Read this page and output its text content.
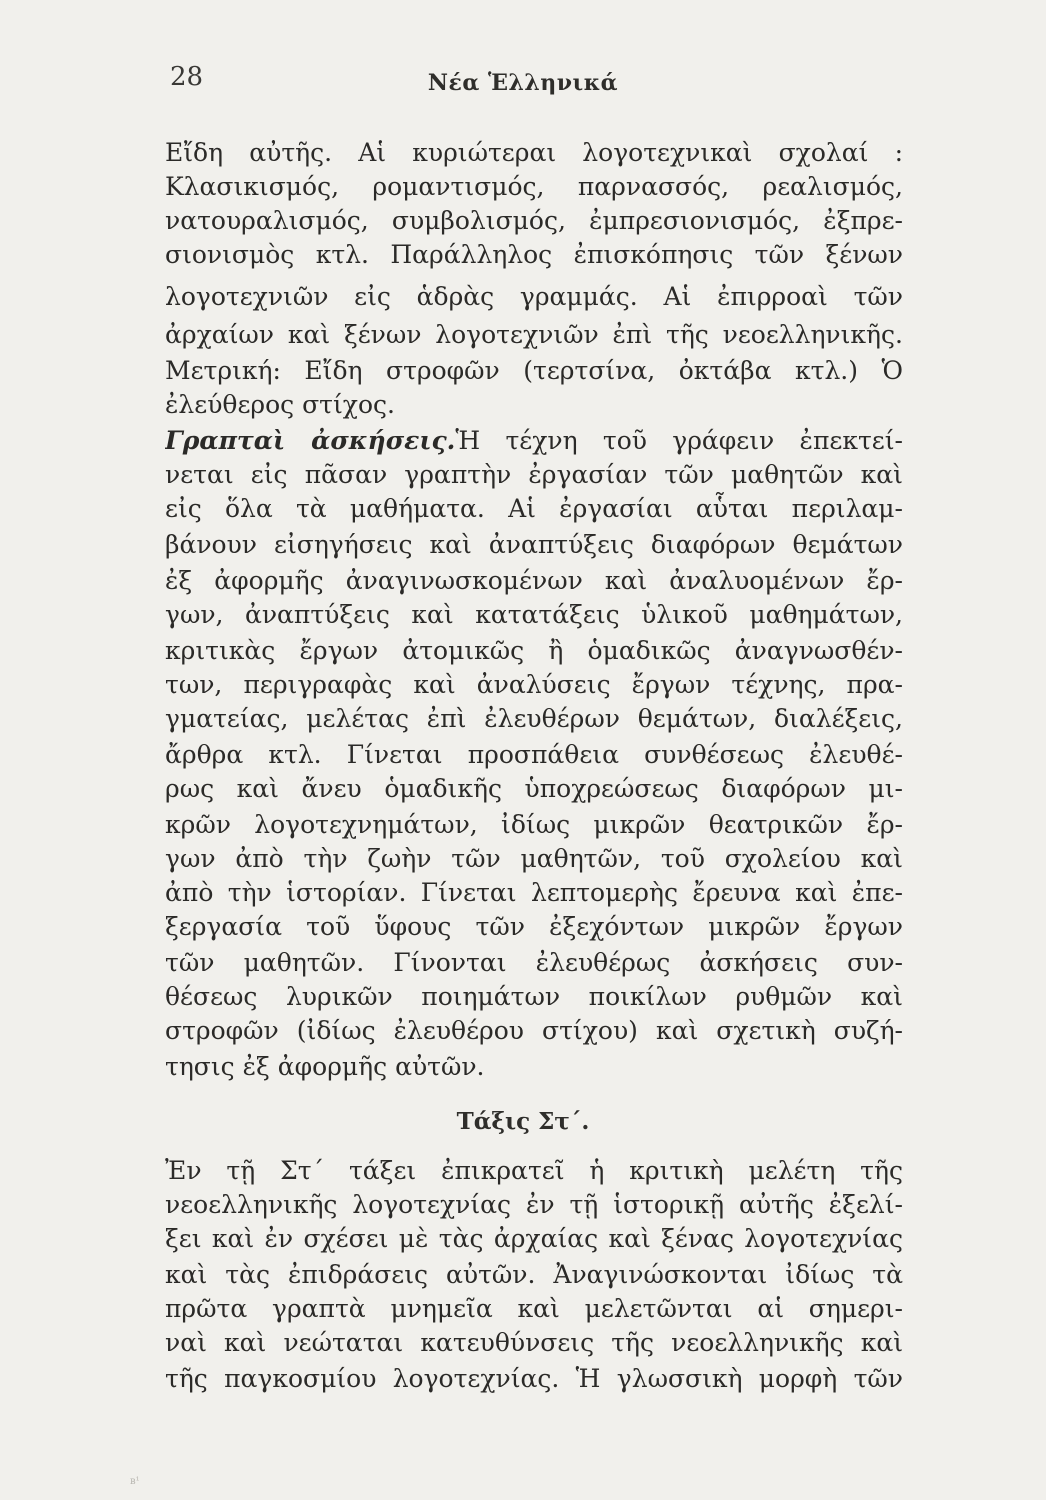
28	Νέα Ἑλληνικά
Εἴδη αὐτῆς. Αἱ κυριώτεραι λογοτεχνικαὶ σχολαί :
Κλασικισμός, ρομαντισμός, παρνασσός, ρεαλισμός,
νατουραλισμός, συμβολισμός, ἐμπρεσιονισμός, ἐξπρε-
σιονισμὸς κτλ. Παράλληλος ἐπισκόπησις τῶν ξένων
λογοτεχνιῶν εἰς ἁδρὰς γραμμάς. Αἱ ἐπιρροαὶ τῶν
ἀρχαίων καὶ ξένων λογοτεχνιῶν ἐπὶ τῆς νεοελληνικῆς.
Μετρική: Εἴδη στροφῶν (τερτσίνα, ὀκτάβα κτλ.) Ὁ
ἐλεύθερος στίχος.
Γραπταὶ ἀσκήσεις.Ἡ τέχνη τοῦ γράφειν ἐπεκτεί-
νεται εἰς πᾶσαν γραπτὴν ἐργασίαν τῶν μαθητῶν καὶ
εἰς ὅλα τὰ μαθήματα. Αἱ ἐργασίαι αὗται περιλαμ-
βάνουν εἰσηγήσεις καὶ ἀναπτύξεις διαφόρων θεμάτων
ἐξ ἀφορμῆς ἀναγινωσκομένων καὶ ἀναλυομένων ἔρ-
γων, ἀναπτύξεις καὶ κατατάξεις ὑλικοῦ μαθημάτων,
κριτικὰς ἔργων ἀτομικῶς ἢ ὁμαδικῶς ἀναγνωσθέν-
των, περιγραφὰς καὶ ἀναλύσεις ἔργων τέχνης, πρα-
γματείας, μελέτας ἐπὶ ἐλευθέρων θεμάτων, διαλέξεις,
ἄρθρα κτλ. Γίνεται προσπάθεια συνθέσεως ἐλευθέ-
ρως καὶ ἄνευ ὁμαδικῆς ὑποχρεώσεως διαφόρων μι-
κρῶν λογοτεχνημάτων, ἰδίως μικρῶν θεατρικῶν ἔρ-
γων ἀπὸ τὴν ζωὴν τῶν μαθητῶν, τοῦ σχολείου καὶ
ἀπὸ τὴν ἱστορίαν. Γίνεται λεπτομερὴς ἔρευνα καὶ ἐπε-
ξεργασία τοῦ ὕφους τῶν ἐξεχόντων μικρῶν ἔργων
τῶν μαθητῶν. Γίνονται ἐλευθέρως ἀσκήσεις συν-
θέσεως λυρικῶν ποιημάτων ποικίλων ρυθμῶν καὶ
στροφῶν (ἰδίως ἐλευθέρου στίχου) καὶ σχετικὴ συζή-
τησις ἐξ ἀφορμῆς αὐτῶν.
Τάξις Στ΄.
Ἐν τῇ Στ΄ τάξει ἐπικρατεῖ ἡ κριτικὴ μελέτη τῆς
νεοελληνικῆς λογοτεχνίας ἐν τῇ ἱστορικῇ αὐτῆς ἐξελί-
ξει καὶ ἐν σχέσει μὲ τὰς ἀρχαίας καὶ ξένας λογοτεχνίας
καὶ τὰς ἐπιδράσεις αὐτῶν. Ἀναγινώσκονται ἰδίως τὰ
πρῶτα γραπτὰ μνημεῖα καὶ μελετῶνται αἱ σημερι-
ναὶ καὶ νεώταται κατευθύνσεις τῆς νεοελληνικῆς καὶ
τῆς παγκοσμίου λογοτεχνίας. Ἡ γλωσσικὴ μορφὴ τῶν
ʙ¹
